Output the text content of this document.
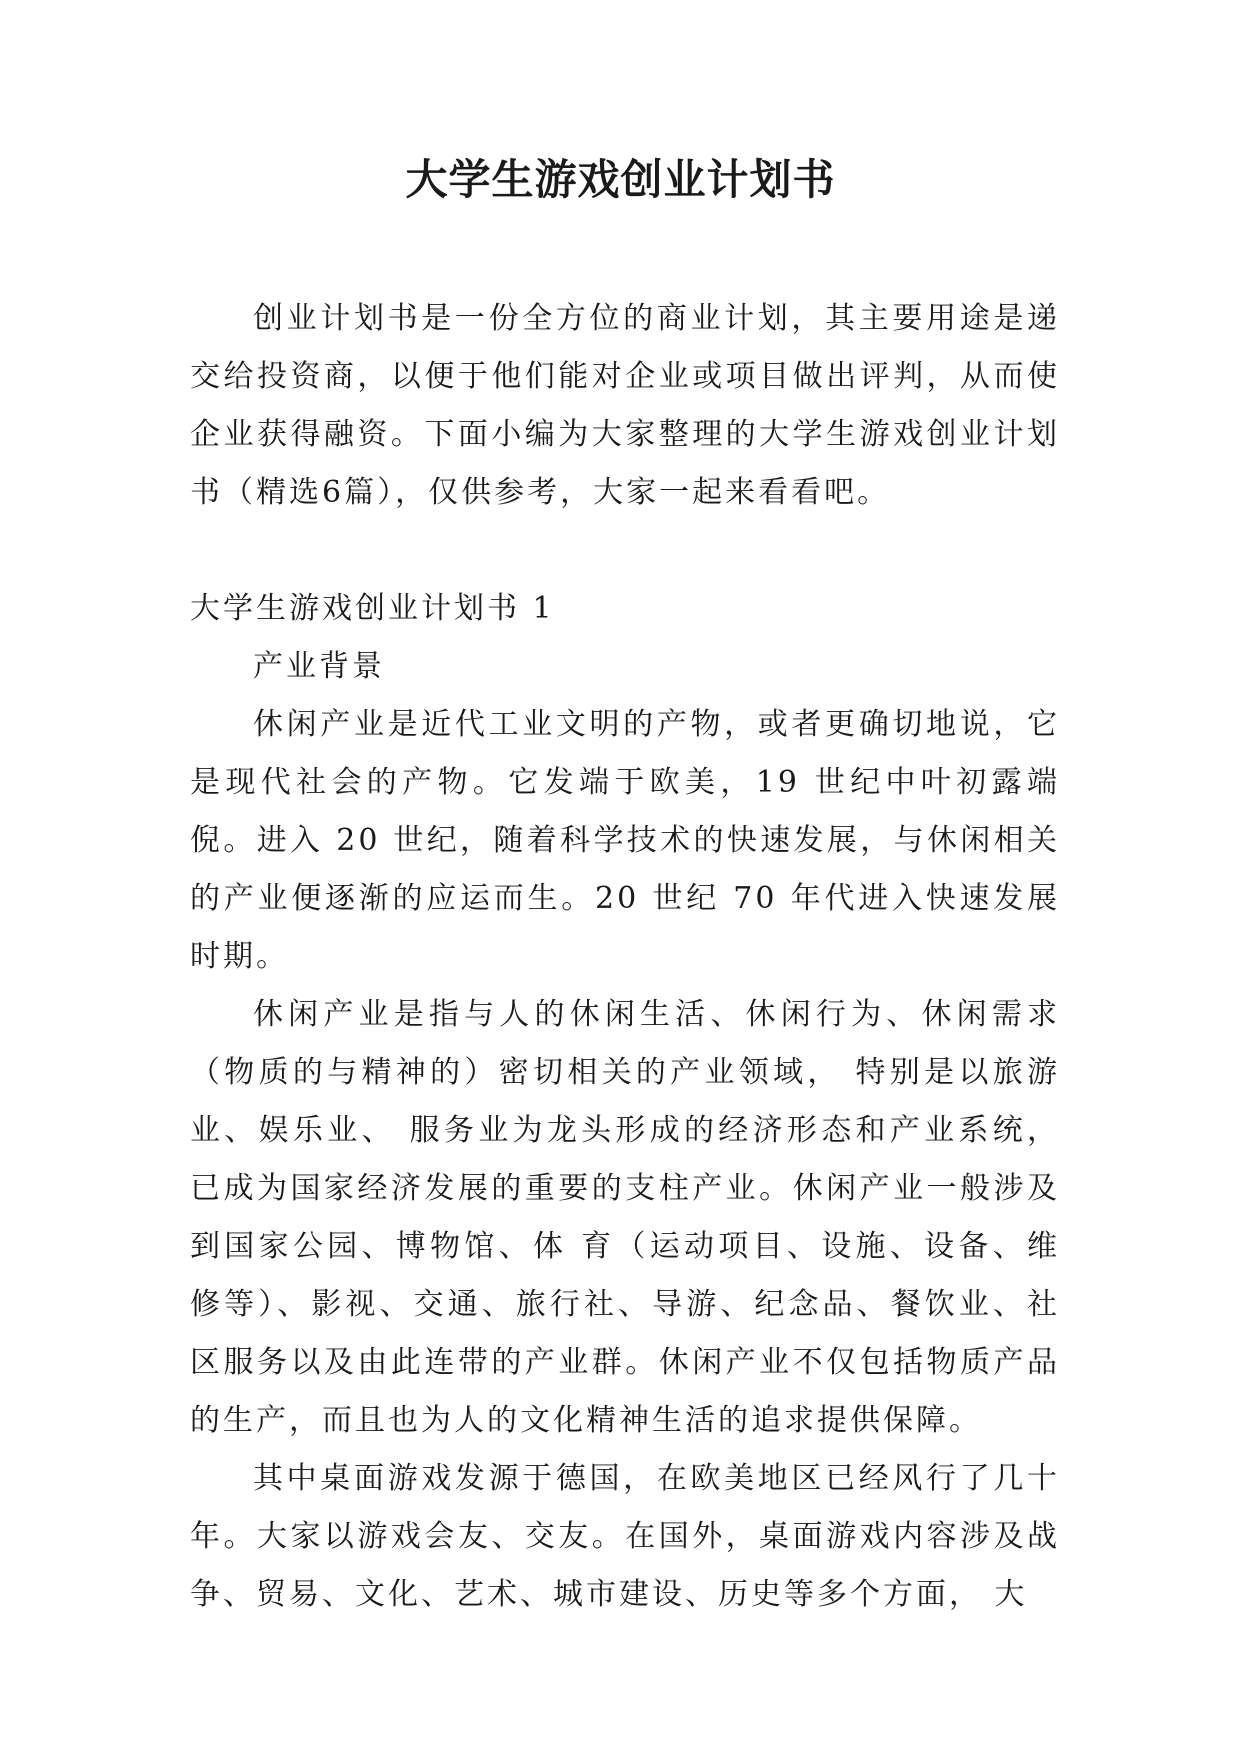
大学生游戏创业计划书

创业计划书是一份全方位的商业计划，其主要用途是递交给投资商，以便于他们能对企业或项目做出评判，从而使企业获得融资。下面小编为大家整理的大学生游戏创业计划书（精选6篇），仅供参考，大家一起来看看吧。

大学生游戏创业计划书 1

产业背景

休闲产业是近代工业文明的产物，或者更确切地说，它是现代社会的产物。它发端于欧美，19 世纪中叶初露端倪。进入 20 世纪，随着科学技术的快速发展，与休闲相关的产业便逐渐的应运而生。20 世纪 70 年代进入快速发展时期。

休闲产业是指与人的休闲生活、休闲行为、休闲需求（物质的与精神的）密切相关的产业领域， 特别是以旅游业、娱乐业、 服务业为龙头形成的经济形态和产业系统，已成为国家经济发展的重要的支柱产业。休闲产业一般涉及到国家公园、博物馆、体 育（运动项目、设施、设备、维修等）、影视、交通、旅行社、导游、纪念品、餐饮业、社区服务以及由此连带的产业群。休闲产业不仅包括物质产品的生产，而且也为人的文化精神生活的追求提供保障。

其中桌面游戏发源于德国，在欧美地区已经风行了几十年。大家以游戏会友、交友。在国外，桌面游戏内容涉及战争、贸易、文化、艺术、城市建设、历史等多个方面， 大
